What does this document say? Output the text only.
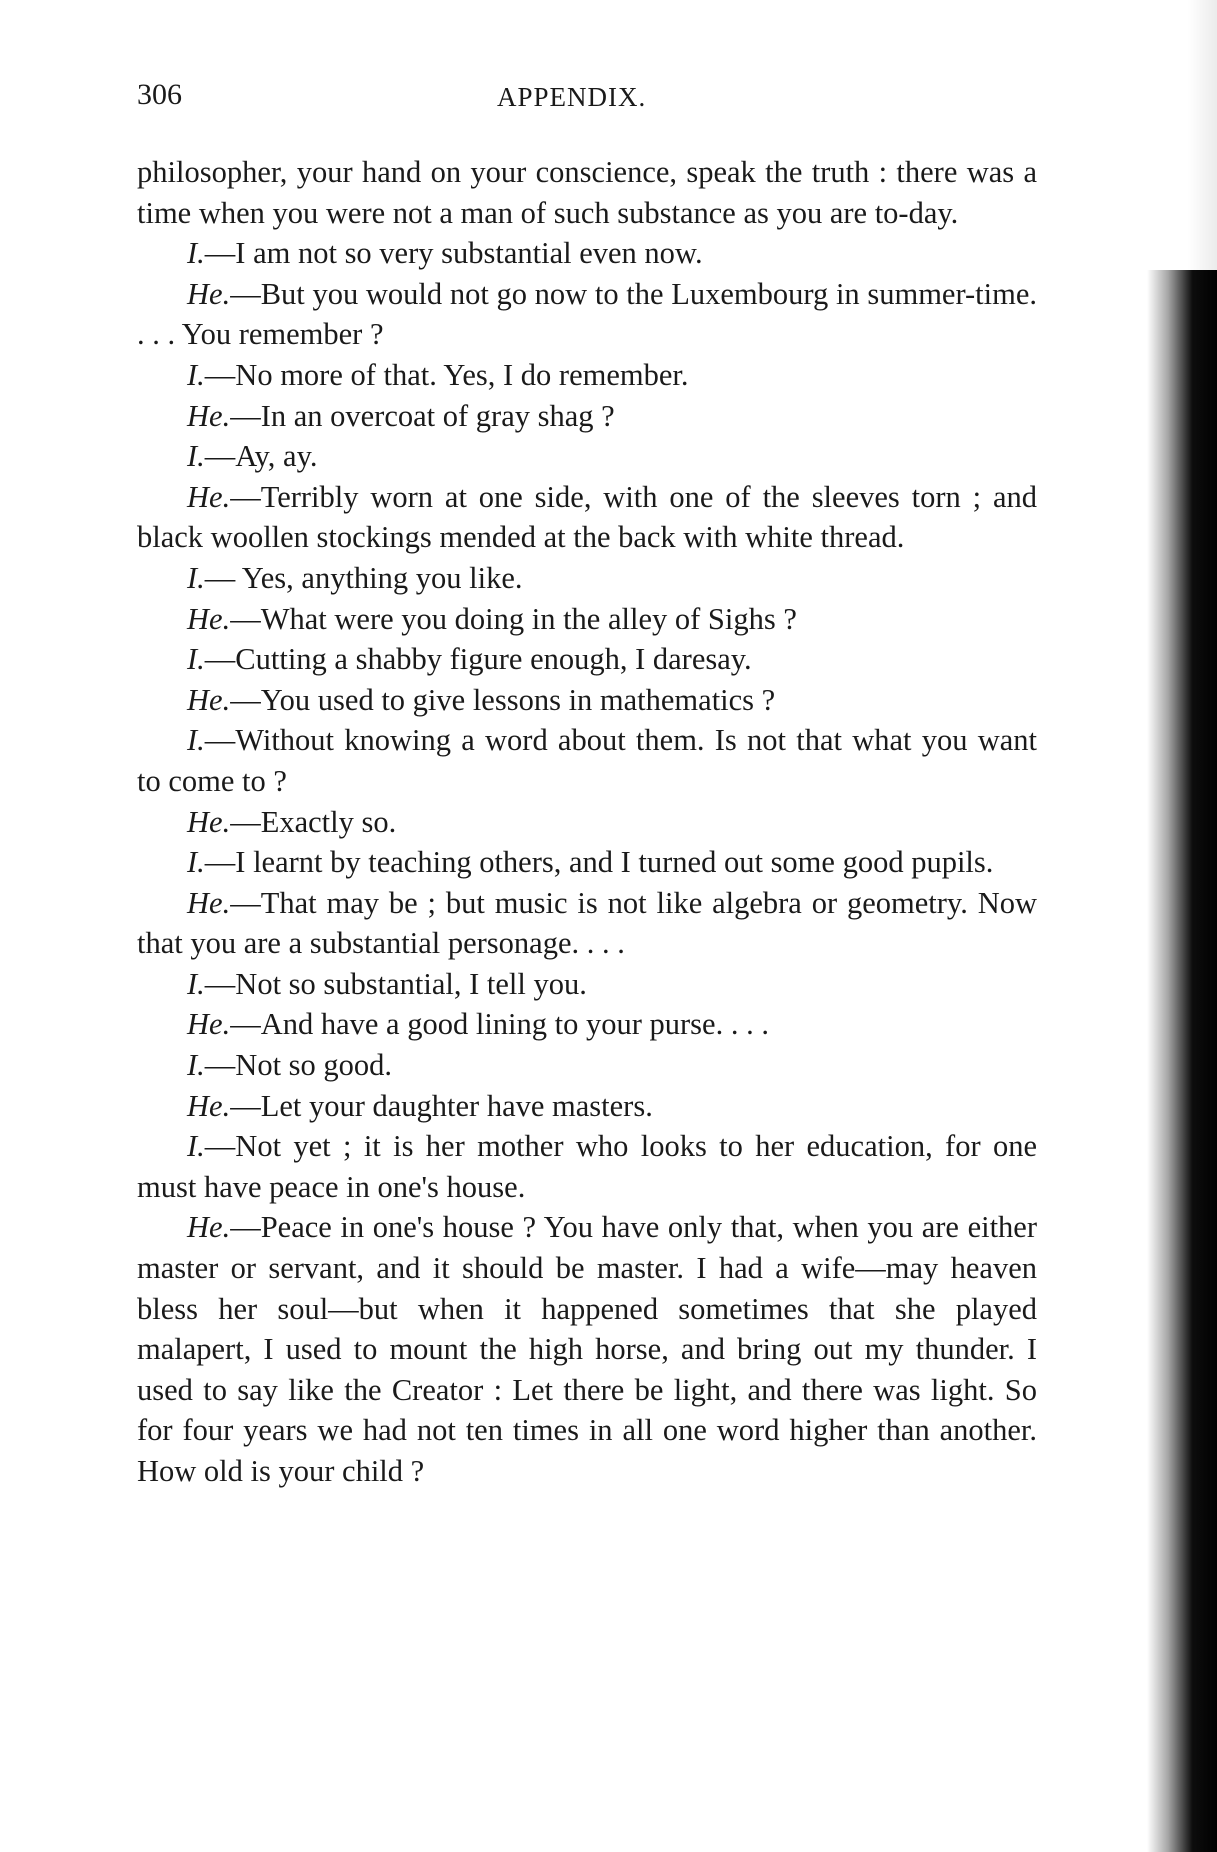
306	APPENDIX.

philosopher, your hand on your conscience, speak the truth : there was a time when you were not a man of such substance as you are to-day.

I.—I am not so very substantial even now.

He.—But you would not go now to the Luxembourg in summer-time. . . . You remember ?

I.—No more of that. Yes, I do remember.

He.—In an overcoat of gray shag ?

I.—Ay, ay.

He.—Terribly worn at one side, with one of the sleeves torn ; and black woollen stockings mended at the back with white thread.

I.— Yes, anything you like.

He.—What were you doing in the alley of Sighs ?

I.—Cutting a shabby figure enough, I daresay.

He.—You used to give lessons in mathematics ?

I.—Without knowing a word about them. Is not that what you want to come to ?

He.—Exactly so.

I.—I learnt by teaching others, and I turned out some good pupils.

He.—That may be ; but music is not like algebra or geometry. Now that you are a substantial personage. . . .

I.—Not so substantial, I tell you.

He.—And have a good lining to your purse. . . .

I.—Not so good.

He.—Let your daughter have masters.

I.—Not yet ; it is her mother who looks to her education, for one must have peace in one's house.

He.—Peace in one's house ? You have only that, when you are either master or servant, and it should be master. I had a wife—may heaven bless her soul—but when it happened sometimes that she played malapert, I used to mount the high horse, and bring out my thunder. I used to say like the Creator : Let there be light, and there was light. So for four years we had not ten times in all one word higher than another. How old is your child ?
